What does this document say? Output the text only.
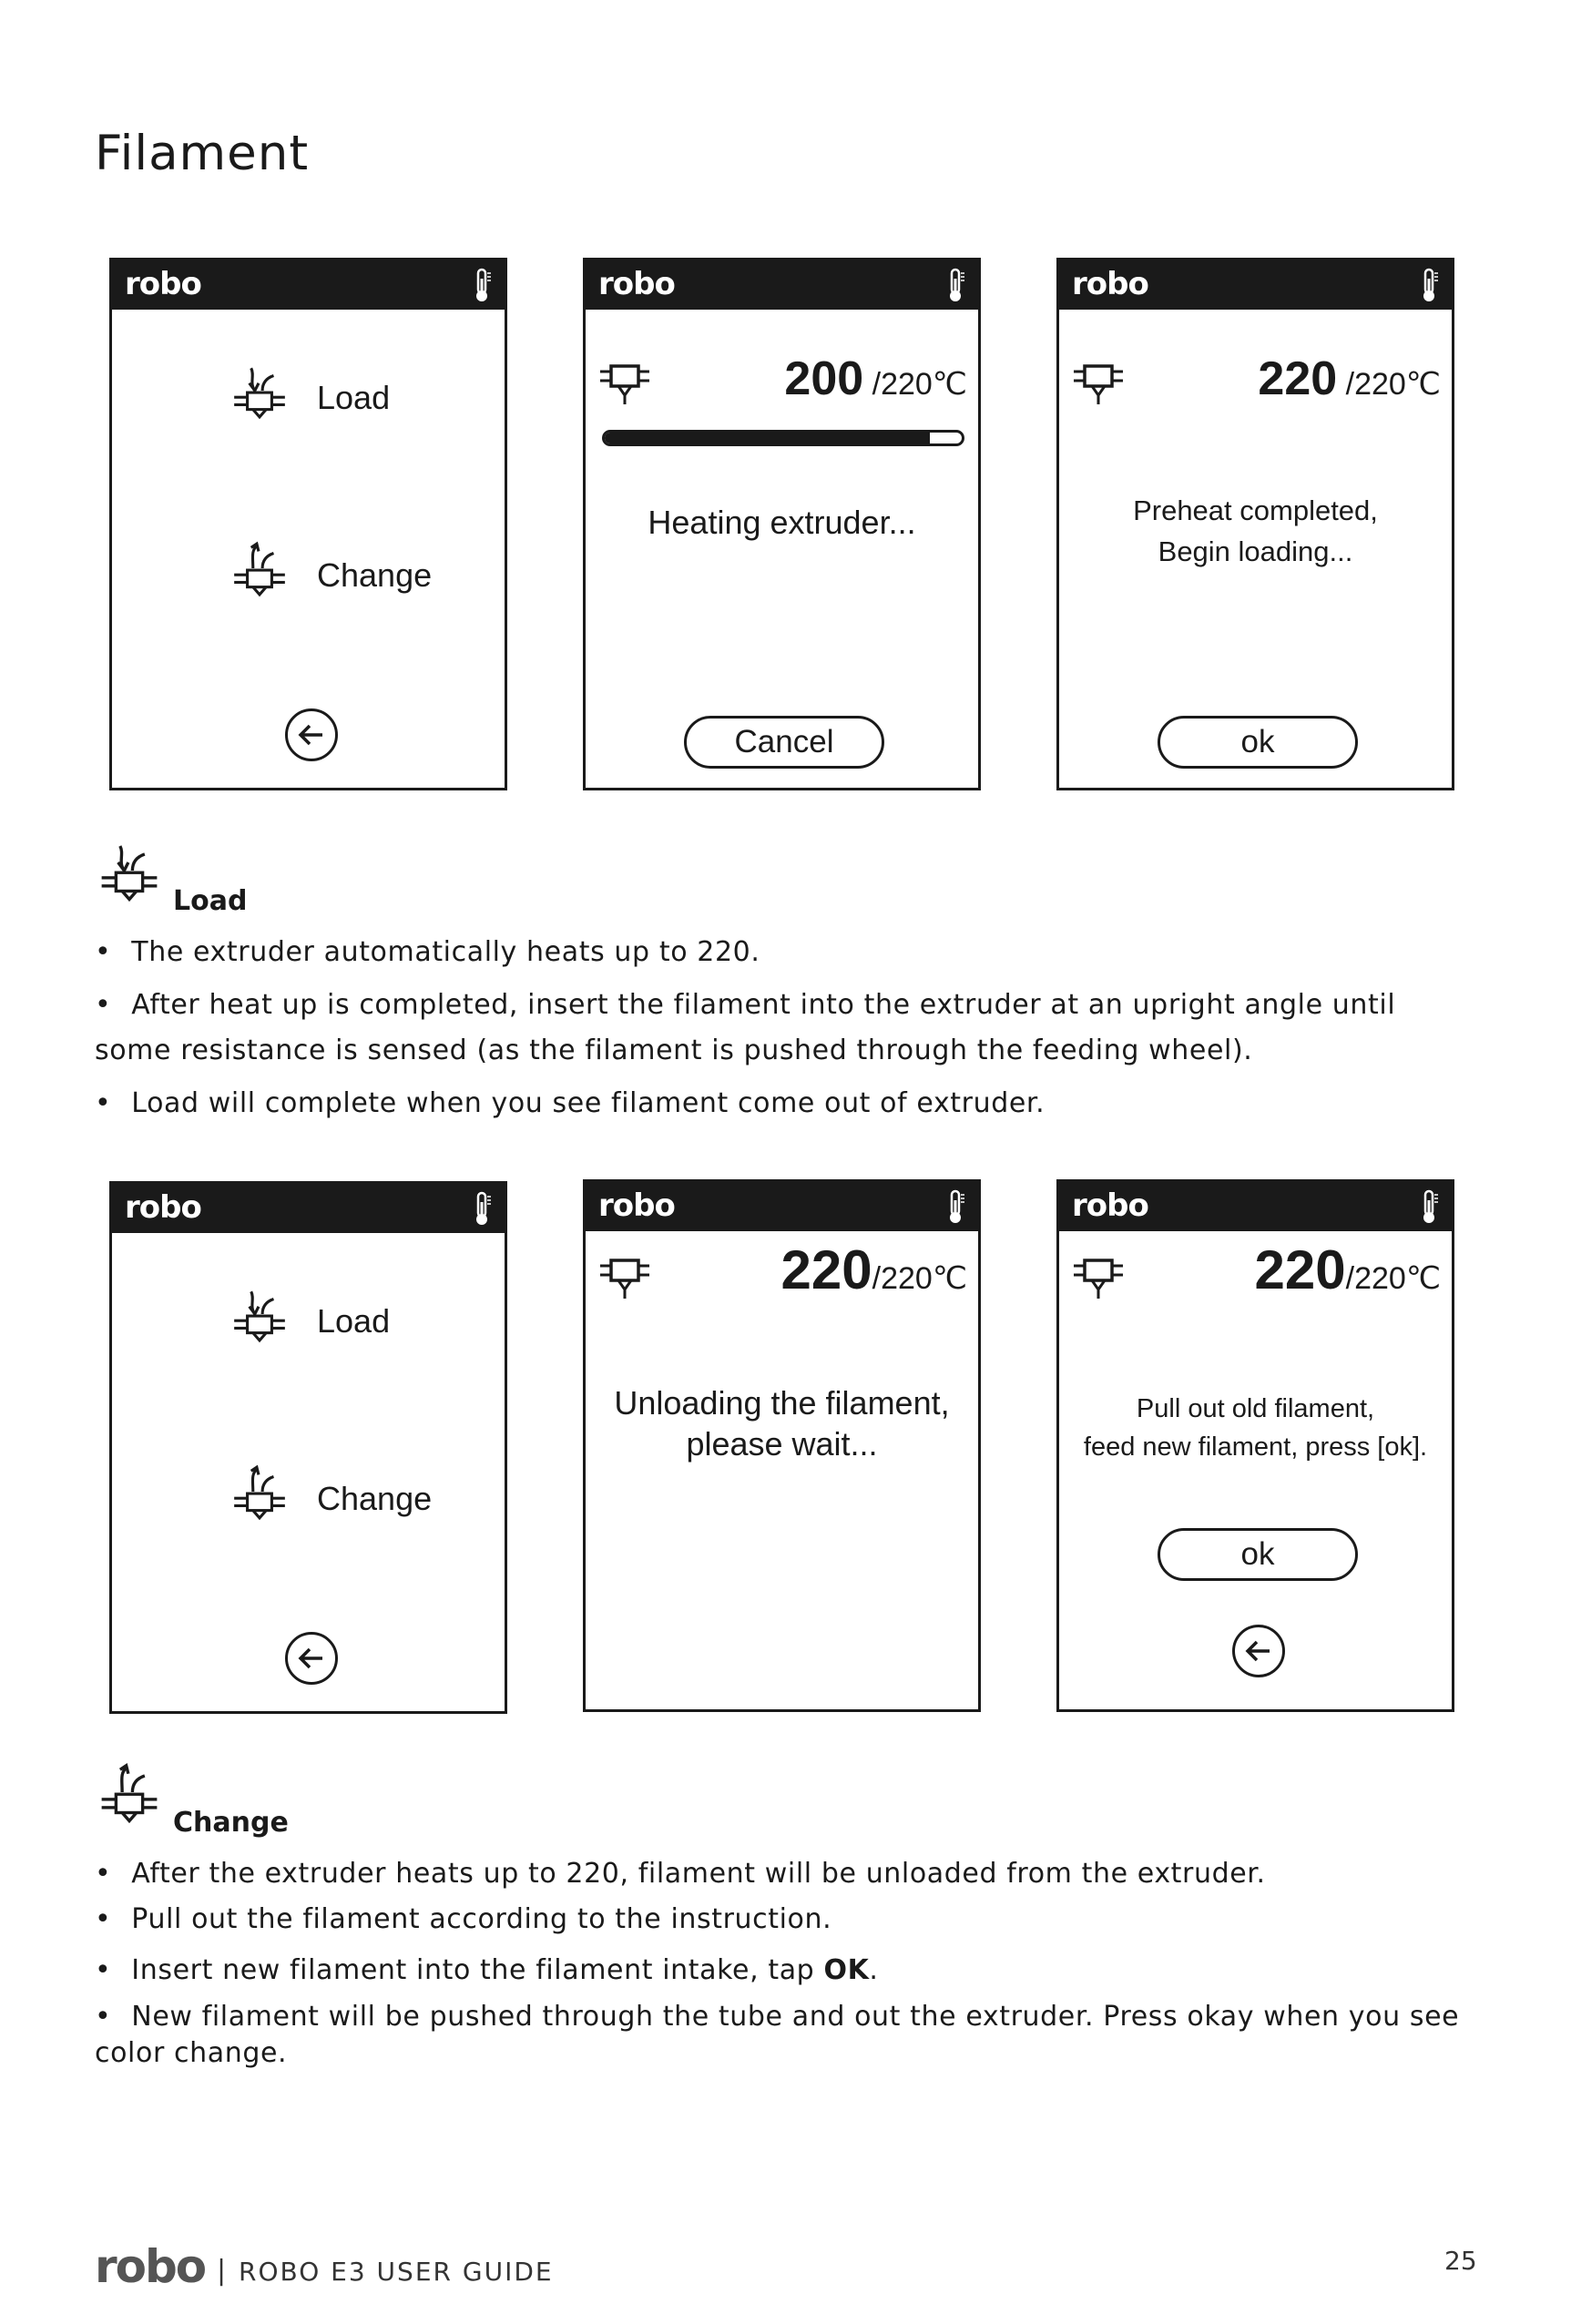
Filament
robo
Load
Change
robo
200 /220℃
Heating extruder...
Cancel
robo
220 /220℃
Preheat completed,
Begin loading...
ok
Load
• The extruder automatically heats up to 220.
• After heat up is completed, insert the filament into the extruder at an upright angle until some resistance is sensed (as the filament is pushed through the feeding wheel).
• Load will complete when you see filament come out of extruder.
robo
Load
Change
robo
220/220℃
Unloading the filament,
please wait...
robo
220/220℃
Pull out old filament,
feed new filament, press [ok].
ok
Change
• After the extruder heats up to 220, filament will be unloaded from the extruder.
• Pull out the filament according to the instruction.
• Insert new filament into the filament intake, tap OK.
• New filament will be pushed through the tube and out the extruder. Press okay when you see color change.
robo | ROBO E3 USER GUIDE	25
